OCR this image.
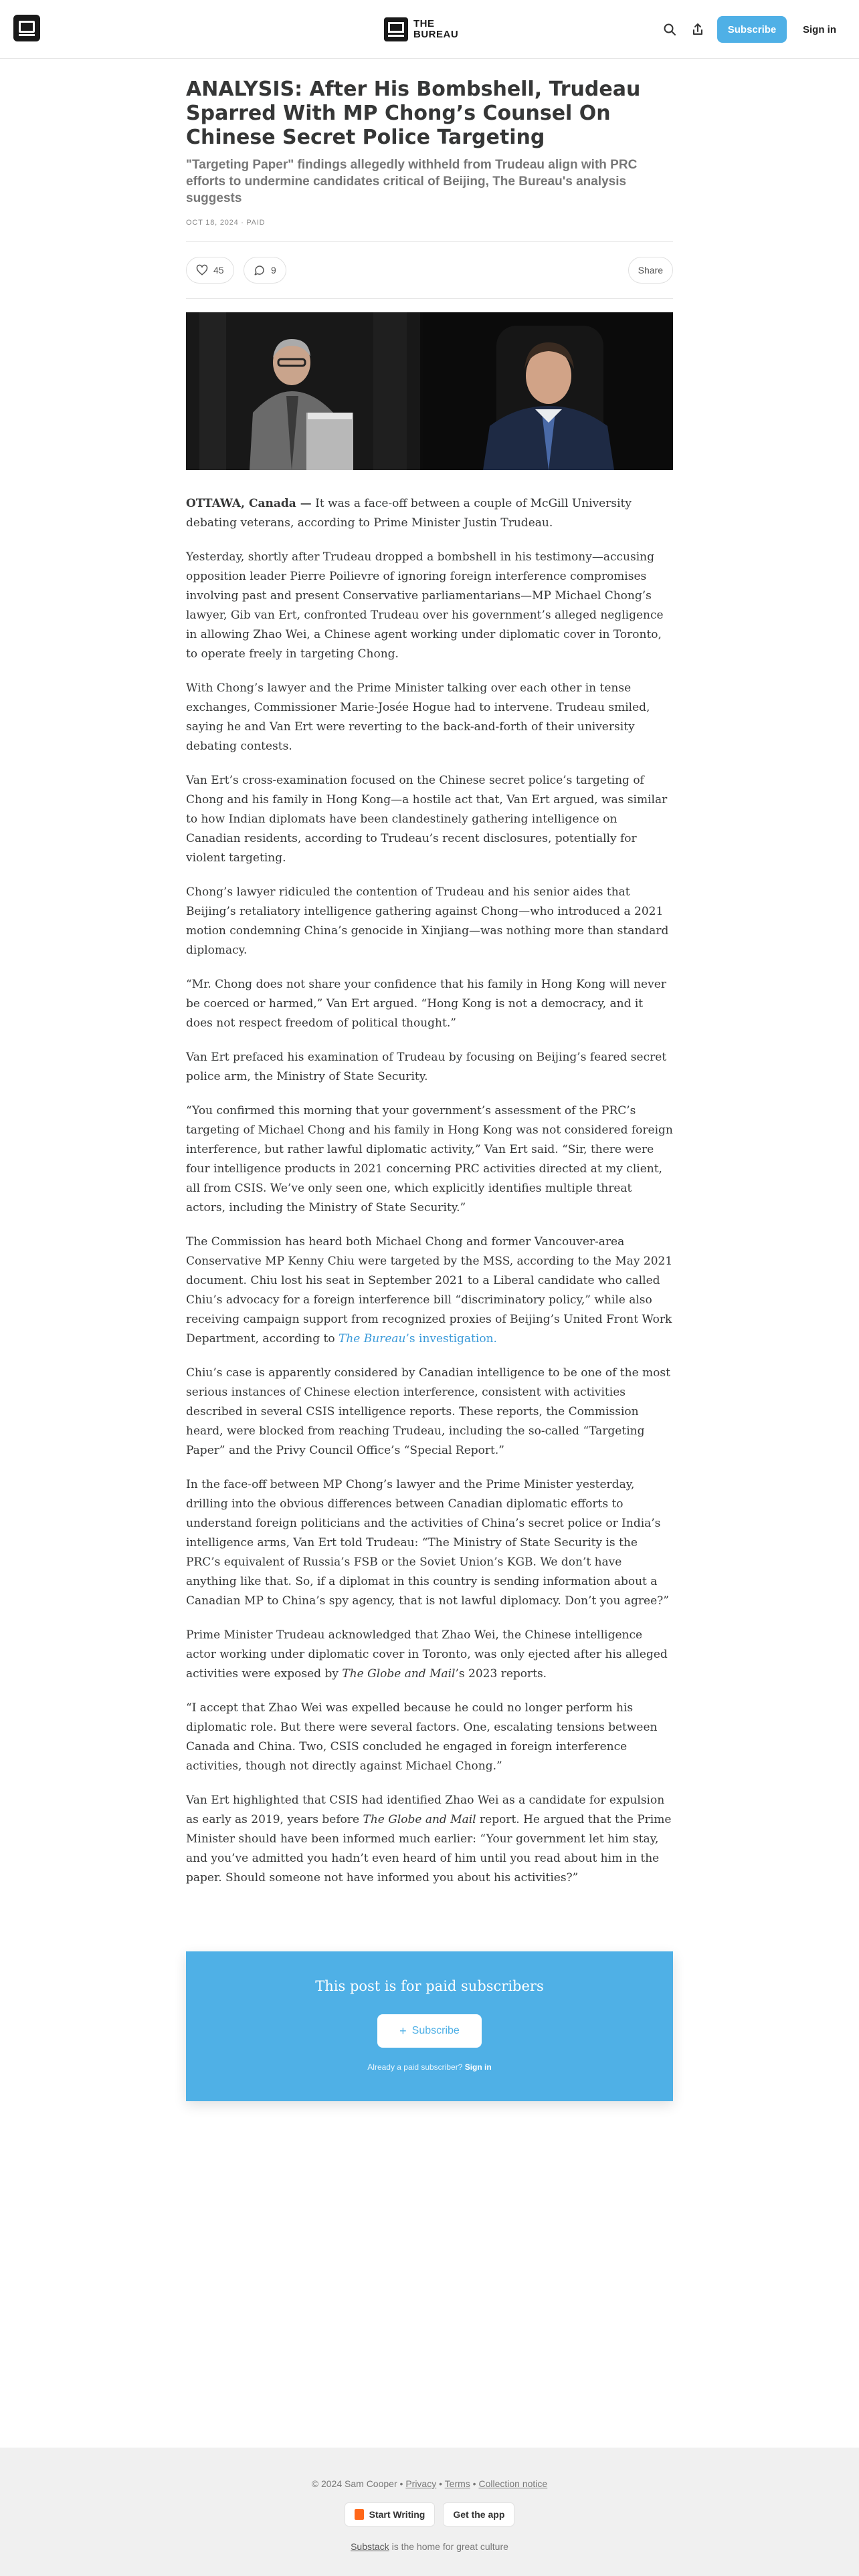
THE
BUREAU	Subscribe	Sign in
ANALYSIS: After His Bombshell, Trudeau Sparred With MP Chong’s Counsel On Chinese Secret Police Targeting
"Targeting Paper" findings allegedly withheld from Trudeau align with PRC efforts to undermine candidates critical of Beijing, The Bureau's analysis suggests
OCT 18, 2024 ∙ PAID
45	9	Share

OTTAWA, Canada — It was a face-off between a couple of McGill University debating veterans, according to Prime Minister Justin Trudeau.

Yesterday, shortly after Trudeau dropped a bombshell in his testimony—accusing opposition leader Pierre Poilievre of ignoring foreign interference compromises involving past and present Conservative parliamentarians—MP Michael Chong’s lawyer, Gib van Ert, confronted Trudeau over his government’s alleged negligence in allowing Zhao Wei, a Chinese agent working under diplomatic cover in Toronto, to operate freely in targeting Chong.

With Chong’s lawyer and the Prime Minister talking over each other in tense exchanges, Commissioner Marie-Josée Hogue had to intervene. Trudeau smiled, saying he and Van Ert were reverting to the back-and-forth of their university debating contests.

Van Ert’s cross-examination focused on the Chinese secret police’s targeting of Chong and his family in Hong Kong—a hostile act that, Van Ert argued, was similar to how Indian diplomats have been clandestinely gathering intelligence on Canadian residents, according to Trudeau’s recent disclosures, potentially for violent targeting.

Chong’s lawyer ridiculed the contention of Trudeau and his senior aides that Beijing’s retaliatory intelligence gathering against Chong—who introduced a 2021 motion condemning China’s genocide in Xinjiang—was nothing more than standard diplomacy.

“Mr. Chong does not share your confidence that his family in Hong Kong will never be coerced or harmed,” Van Ert argued. “Hong Kong is not a democracy, and it does not respect freedom of political thought.”

Van Ert prefaced his examination of Trudeau by focusing on Beijing’s feared secret police arm, the Ministry of State Security.

“You confirmed this morning that your government’s assessment of the PRC’s targeting of Michael Chong and his family in Hong Kong was not considered foreign interference, but rather lawful diplomatic activity,” Van Ert said. “Sir, there were four intelligence products in 2021 concerning PRC activities directed at my client, all from CSIS. We’ve only seen one, which explicitly identifies multiple threat actors, including the Ministry of State Security.”

The Commission has heard both Michael Chong and former Vancouver-area Conservative MP Kenny Chiu were targeted by the MSS, according to the May 2021 document. Chiu lost his seat in September 2021 to a Liberal candidate who called Chiu’s advocacy for a foreign interference bill “discriminatory policy,” while also receiving campaign support from recognized proxies of Beijing’s United Front Work Department, according to The Bureau’s investigation.

Chiu’s case is apparently considered by Canadian intelligence to be one of the most serious instances of Chinese election interference, consistent with activities described in several CSIS intelligence reports. These reports, the Commission heard, were blocked from reaching Trudeau, including the so-called “Targeting Paper” and the Privy Council Office’s “Special Report.”

In the face-off between MP Chong’s lawyer and the Prime Minister yesterday, drilling into the obvious differences between Canadian diplomatic efforts to understand foreign politicians and the activities of China’s secret police or India’s intelligence arms, Van Ert told Trudeau: “The Ministry of State Security is the PRC’s equivalent of Russia’s FSB or the Soviet Union’s KGB. We don’t have anything like that. So, if a diplomat in this country is sending information about a Canadian MP to China’s spy agency, that is not lawful diplomacy. Don’t you agree?”

Prime Minister Trudeau acknowledged that Zhao Wei, the Chinese intelligence actor working under diplomatic cover in Toronto, was only ejected after his alleged activities were exposed by The Globe and Mail’s 2023 reports.

“I accept that Zhao Wei was expelled because he could no longer perform his diplomatic role. But there were several factors. One, escalating tensions between Canada and China. Two, CSIS concluded he engaged in foreign interference activities, though not directly against Michael Chong.”

Van Ert highlighted that CSIS had identified Zhao Wei as a candidate for expulsion as early as 2019, years before The Globe and Mail report. He argued that the Prime Minister should have been informed much earlier: “Your government let him stay, and you’ve admitted you hadn’t even heard of him until you read about him in the paper. Should someone not have informed you about his activities?”

This post is for paid subscribers
+ Subscribe
Already a paid subscriber? Sign in
© 2024 Sam Cooper • Privacy • Terms • Collection notice
Start Writing	Get the app
Substack is the home for great culture
